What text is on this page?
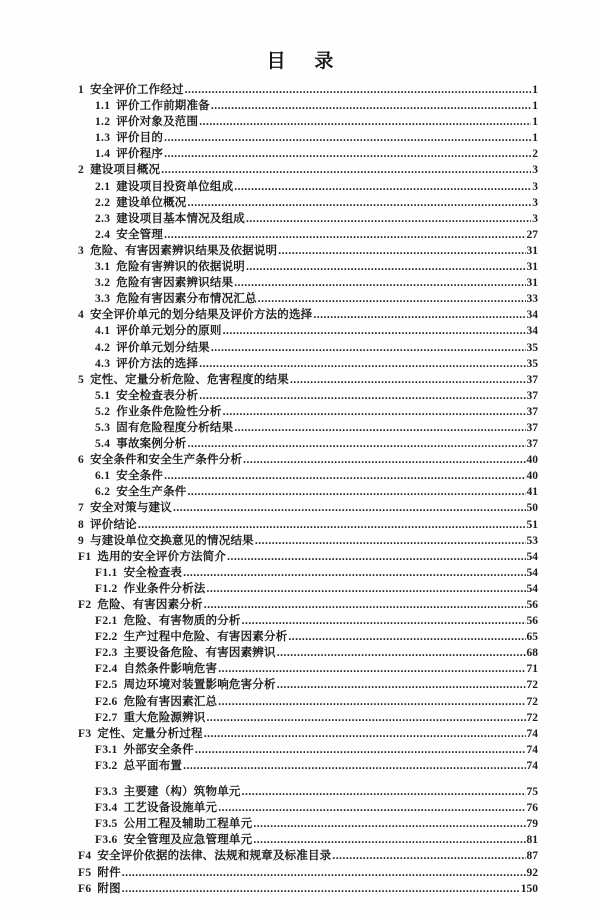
目 录
1 安全评价工作经过 .....	1
1.1 评价工作前期准备 .....	1
1.2 评价对象及范围 .....	1
1.3 评价目的 .....	1
1.4 评价程序 .....	2
2 建设项目概况 .....	3
2.1 建设项目投资单位组成 .....	3
2.2 建设单位概况 .....	3
2.3 建设项目基本情况及组成 .....	3
2.4 安全管理 .....	27
3 危险、有害因素辨识结果及依据说明 .....	31
3.1 危险有害辨识的依据说明 .....	31
3.2 危险有害因素辨识结果 .....	31
3.3 危险有害因素分布情况汇总 .....	33
4 安全评价单元的划分结果及评价方法的选择 .....	34
4.1 评价单元划分的原则 .....	34
4.2 评价单元划分结果 .....	35
4.3 评价方法的选择 .....	35
5 定性、定量分析危险、危害程度的结果 .....	37
5.1 安全检查表分析 .....	37
5.2 作业条件危险性分析 .....	37
5.3 固有危险程度分析结果 .....	37
5.4 事故案例分析 .....	37
6 安全条件和安全生产条件分析 .....	40
6.1 安全条件 .....	40
6.2 安全生产条件 .....	41
7 安全对策与建议 .....	50
8 评价结论 .....	51
9 与建设单位交换意见的情况结果 .....	53
F1 选用的安全评价方法简介 .....	54
F1.1 安全检查表 .....	54
F1.2 作业条件分析法 .....	54
F2 危险、有害因素分析 .....	56
F2.1 危险、有害物质的分析 .....	56
F2.2 生产过程中危险、有害因素分析 .....	65
F2.3 主要设备危险、有害因素辨识 .....	68
F2.4 自然条件影响危害 .....	71
F2.5 周边环境对装置影响危害分析 .....	72
F2.6 危险有害因素汇总 .....	72
F2.7 重大危险源辨识 .....	72
F3 定性、定量分析过程 .....	74
F3.1 外部安全条件 .....	74
F3.2 总平面布置 .....	74
F3.3 主要建（构）筑物单元 .....	75
F3.4 工艺设备设施单元 .....	76
F3.5 公用工程及辅助工程单元 .....	79
F3.6 安全管理及应急管理单元 .....	81
F4 安全评价依据的法律、法规和规章及标准目录 .....	87
F5 附件 .....	92
F6 附图 .....	150
